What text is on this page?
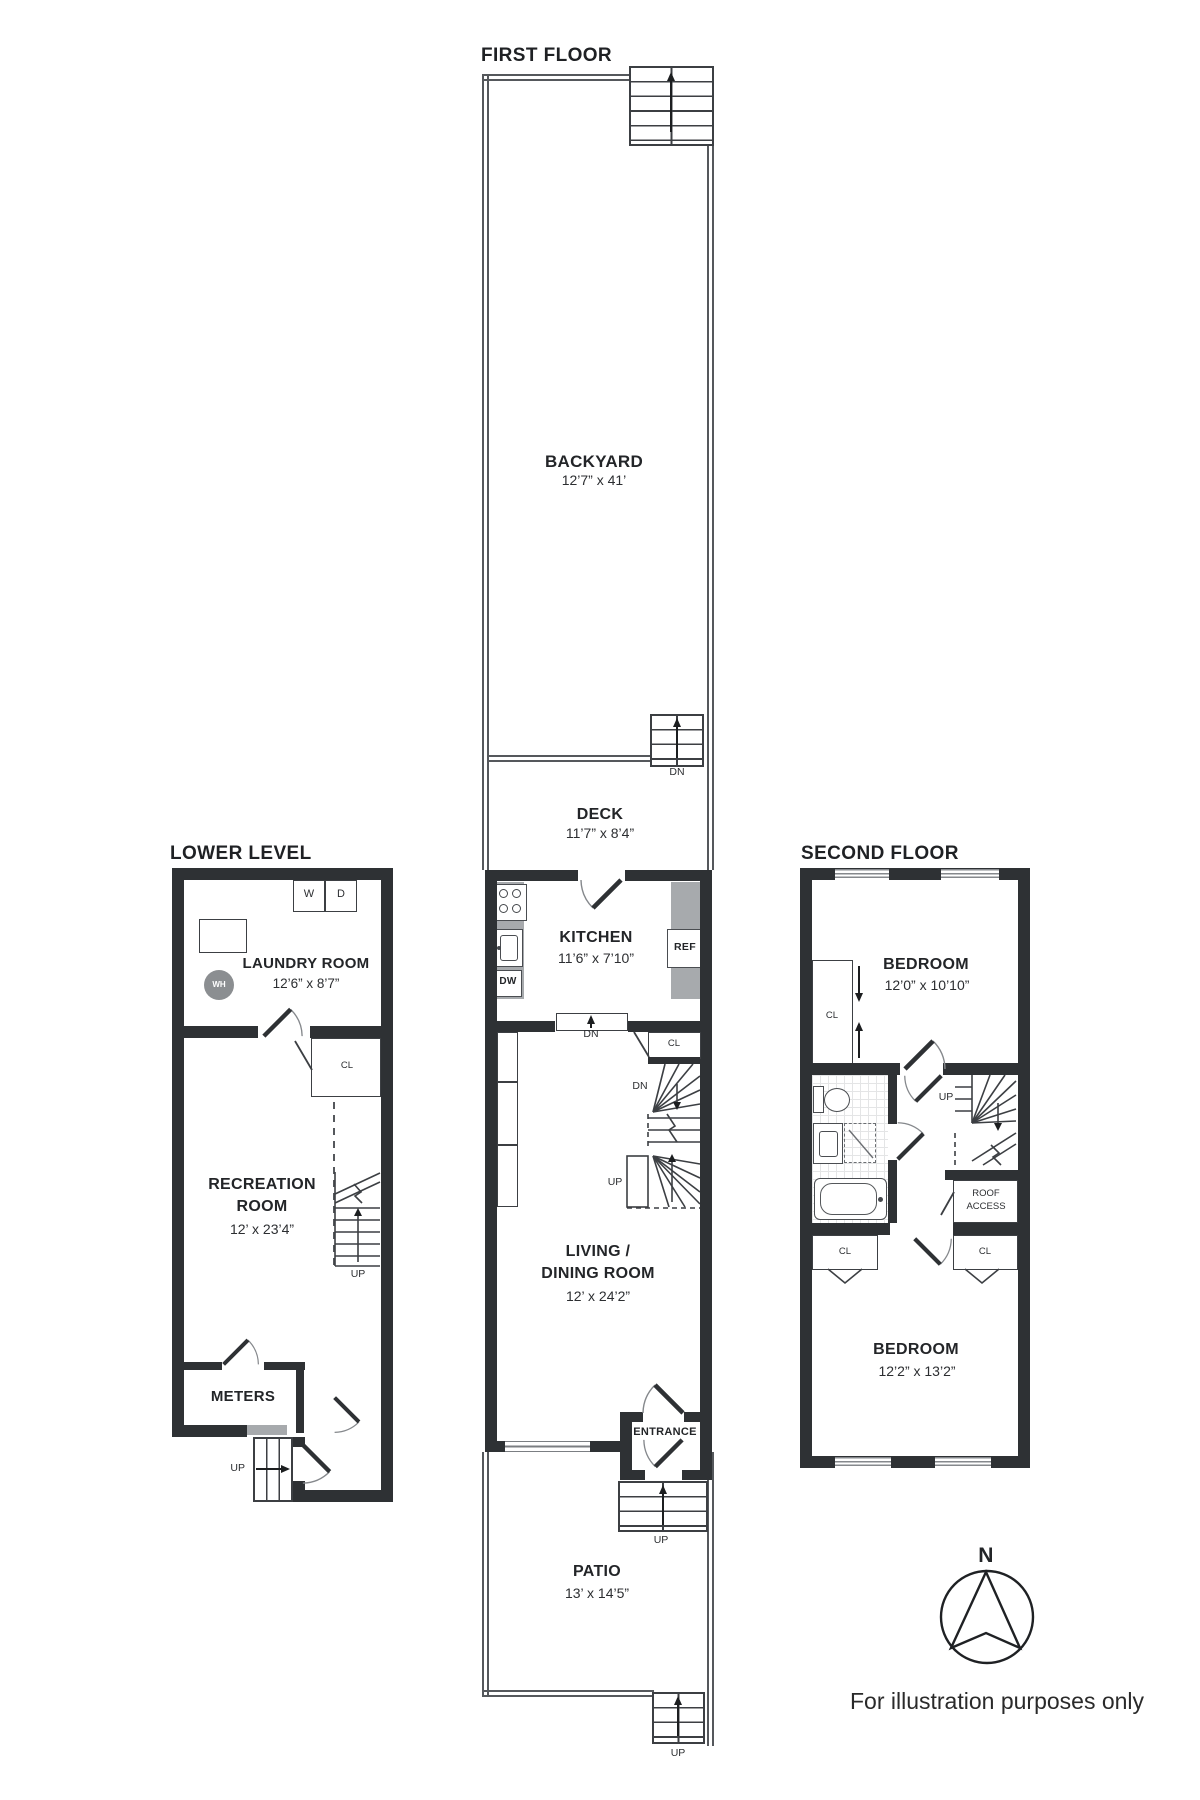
FIRST FLOOR
BACKYARD
12’7” x 41’
DN
DECK
11’7” x 8’4”
DW
REF
KITCHEN
11’6” x 7’10”
DN
CL
DN
UP
LIVING /
DINING ROOM
12’ x 24’2”
ENTRANCE
UP
PATIO
13’ x 14’5”
UP
LOWER LEVEL
W D
WH
LAUNDRY ROOM
12’6” x 8’7”
CL
UP
RECREATION
ROOM
12’ x 23’4”
METERS
UP
SECOND FLOOR
BEDROOM
12’0” x 10’10”
CL
UP
ROOF
ACCESS
CL	CL
BEDROOM
12’2” x 13’2”
N
For illustration purposes only
